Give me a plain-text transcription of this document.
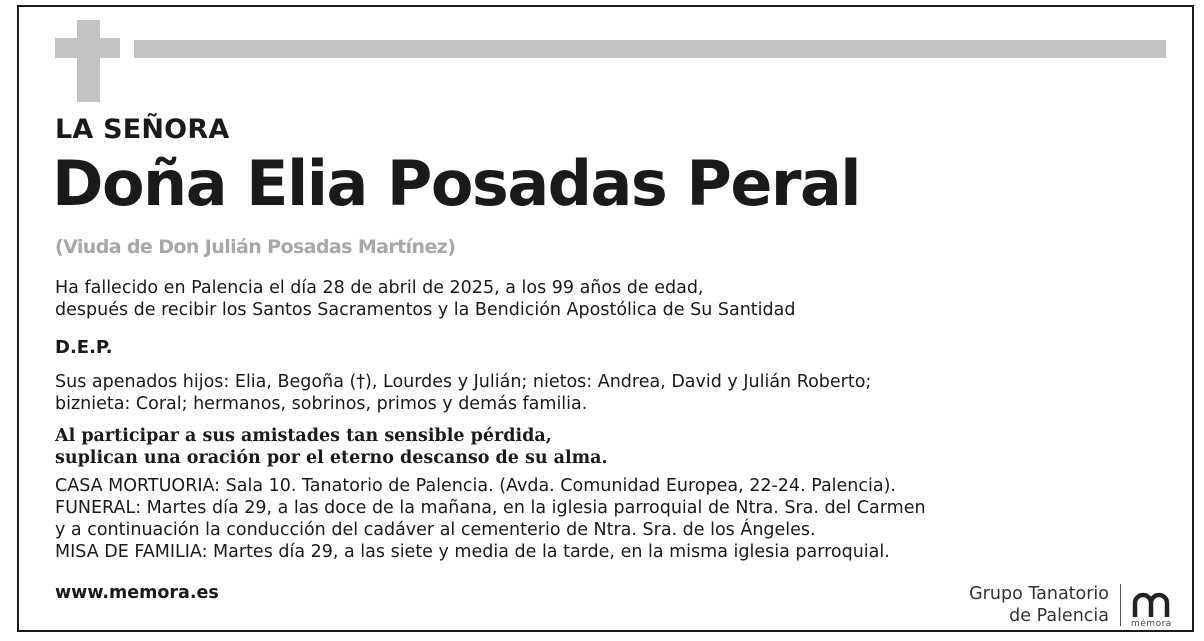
LA SEÑORA
Doña Elia Posadas Peral
(Viuda de Don Julián Posadas Martínez)
Ha fallecido en Palencia el día 28 de abril de 2025, a los 99 años de edad,
después de recibir los Santos Sacramentos y la Bendición Apostólica de Su Santidad
D.E.P.
Sus apenados hijos: Elia, Begoña (†), Lourdes y Julián; nietos: Andrea, David y Julián Roberto;
biznieta: Coral; hermanos, sobrinos, primos y demás familia.
Al participar a sus amistades tan sensible pérdida,
suplican una oración por el eterno descanso de su alma.
CASA MORTUORIA: Sala 10. Tanatorio de Palencia. (Avda. Comunidad Europea, 22-24. Palencia).
FUNERAL: Martes día 29, a las doce de la mañana, en la iglesia parroquial de Ntra. Sra. del Carmen
y a continuación la conducción del cadáver al cementerio de Ntra. Sra. de los Ángeles.
MISA DE FAMILIA: Martes día 29, a las siete y media de la tarde, en la misma iglesia parroquial.
www.memora.es	Grupo Tanatorio
de Palencia mémora
